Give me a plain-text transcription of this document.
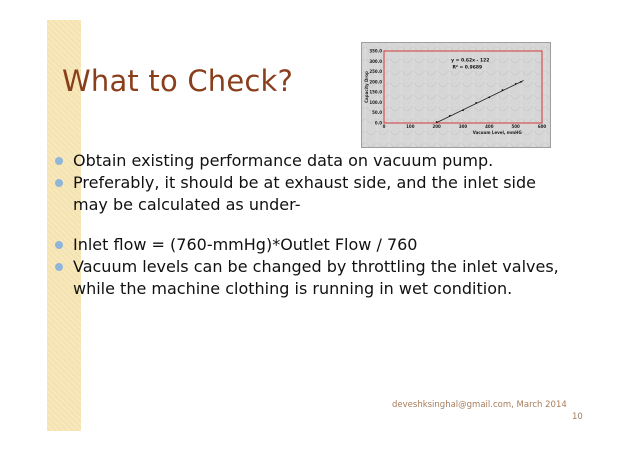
What to Check?
0.0
50.0
100.0
150.0
200.0
250.0
300.0
350.0
0	100	200	300	400	500	600
Capacity Drop
Vacuum Level, mmHG
y = 0.62x - 122
R² = 0.9689
Obtain existing performance data on vacuum pump.
Preferably, it should be at exhaust side, and the inlet side may be calculated as under-
Inlet flow = (760-mmHg)*Outlet Flow / 760
Vacuum levels can be changed by throttling the inlet valves, while the machine clothing is running in wet condition.
deveshksinghal@gmail.com, March 2014
10
